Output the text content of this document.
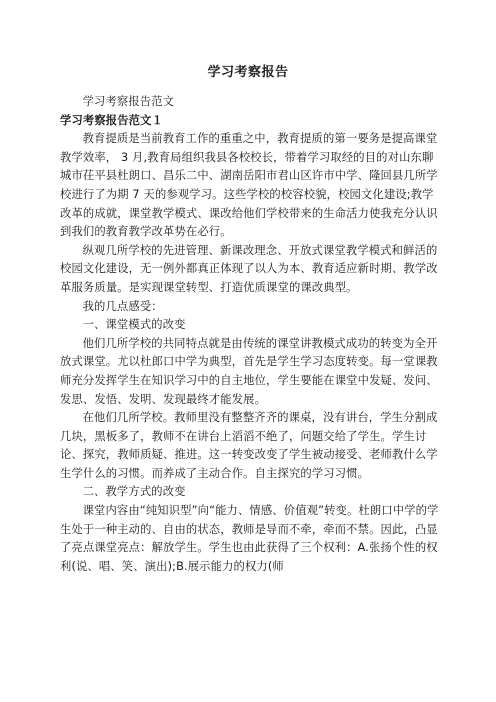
学习考察报告

学习考察报告范文

学习考察报告范文１

教育提质是当前教育工作的重重之中，教育提质的第一要务是提高课堂教学效率， 3 月,教育局组织我县各校校长，带着学习取经的目的对山东聊城市茌平县杜朗口、昌乐二中、湖南岳阳市君山区许市中学、隆回县几所学校进行了为期 7 天的参观学习。这些学校的校容校貌，校园文化建设;教学改革的成就，课堂教学模式、课改给他们学校带来的生命活力使我充分认识到我们的教育教学改革势在必行。

纵观几所学校的先进管理、新课改理念、开放式课堂教学模式和鲜活的校园文化建设，无一例外都真正体现了以人为本、教育适应新时期、教学改革服务质量。是实现课堂转型、打造优质课堂的课改典型。

我的几点感受：

一、课堂模式的改变

他们几所学校的共同特点就是由传统的课堂讲教模式成功的转变为全开放式课堂。尤以杜郎口中学为典型，首先是学生学习态度转变。每一堂课教师充分发挥学生在知识学习中的自主地位，学生要能在课堂中发疑、发问、发思、发悟、发明、发现最终才能发展。

在他们几所学校。教师里没有整整齐齐的课桌，没有讲台，学生分割成几块，黑板多了，教师不在讲台上滔滔不绝了，问题交给了学生。学生讨论、探究，教师质疑、推进。这一转变改变了学生被动接受、老师教什么学生学什么的习惯。而养成了主动合作。自主探究的学习习惯。

二、教学方式的改变

课堂内容由“纯知识型”向“能力、情感、价值观”转变。杜朗口中学的学生处于一种主动的、自由的状态，教师是导而不牵，牵而不禁。因此，凸显了亮点课堂亮点：解放学生。学生也由此获得了三个权利：A.张扬个性的权利(说、唱、笑、演出);B.展示能力的权力(师
